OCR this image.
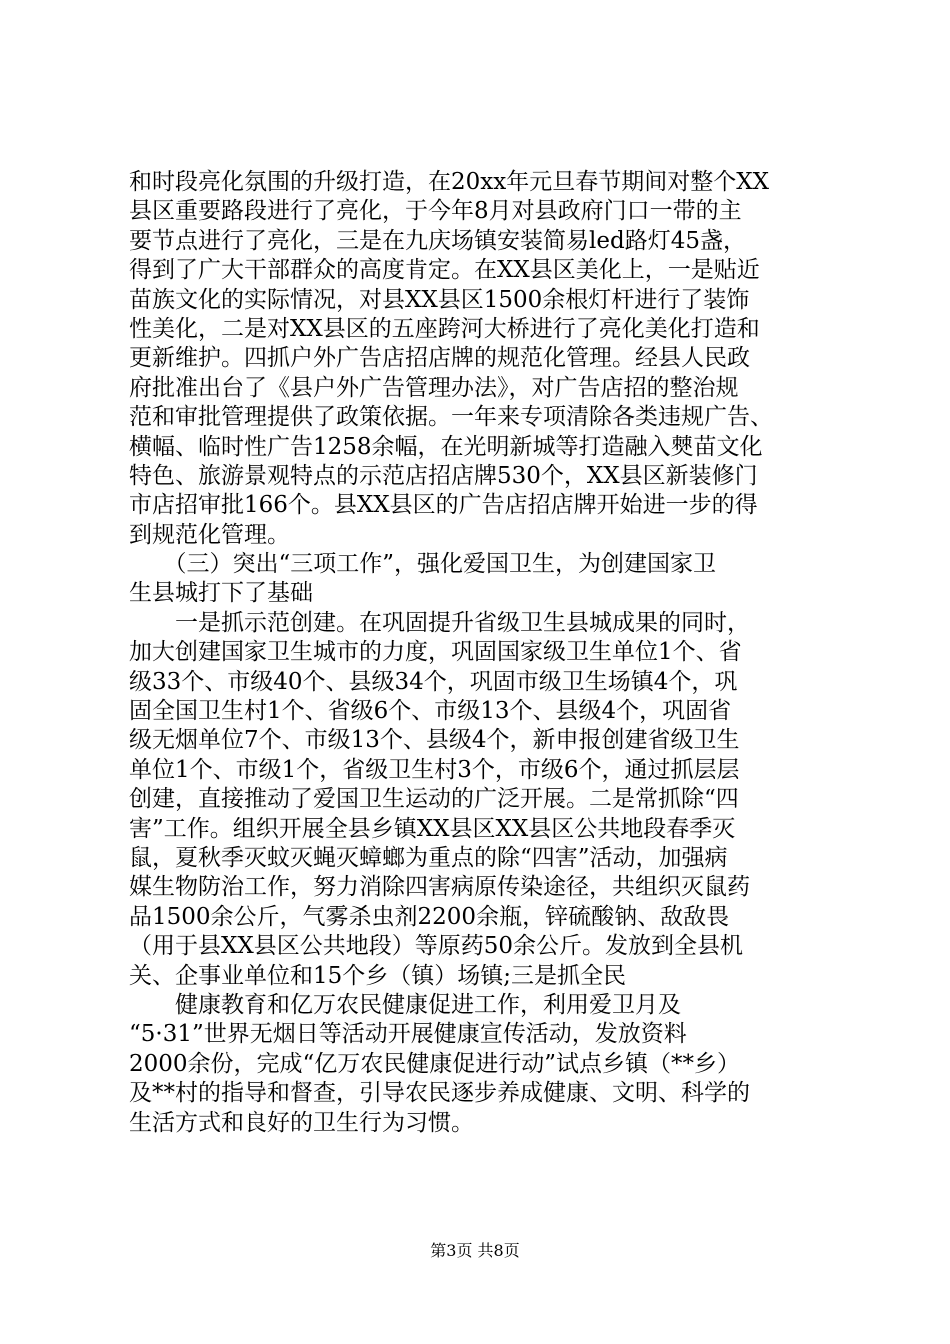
和时段亮化氛围的升级打造，在20xx年元旦春节期间对整个XX
县区重要路段进行了亮化，于今年8月对县政府门口一带的主
要节点进行了亮化，三是在九庆场镇安装简易led路灯45盏，
得到了广大干部群众的高度肯定。在XX县区美化上，一是贴近
苗族文化的实际情况，对县XX县区1500余根灯杆进行了装饰
性美化，二是对XX县区的五座跨河大桥进行了亮化美化打造和
更新维护。四抓户外广告店招店牌的规范化管理。经县人民政
府批准出台了《县户外广告管理办法》，对广告店招的整治规
范和审批管理提供了政策依据。一年来专项清除各类违规广告、
横幅、临时性广告1258余幅，在光明新城等打造融入僰苗文化
特色、旅游景观特点的示范店招店牌530个，XX县区新装修门
市店招审批166个。县XX县区的广告店招店牌开始进一步的得
到规范化管理。
　　（三）突出“三项工作”，强化爱国卫生，为创建国家卫
生县城打下了基础
　　一是抓示范创建。在巩固提升省级卫生县城成果的同时，
加大创建国家卫生城市的力度，巩固国家级卫生单位1个、省
级33个、市级40个、县级34个，巩固市级卫生场镇4个，巩
固全国卫生村1个、省级6个、市级13个、县级4个，巩固省
级无烟单位7个、市级13个、县级4个，新申报创建省级卫生
单位1个、市级1个，省级卫生村3个，市级6个，通过抓层层
创建，直接推动了爱国卫生运动的广泛开展。二是常抓除“四
害”工作。组织开展全县乡镇XX县区XX县区公共地段春季灭
鼠，夏秋季灭蚊灭蝇灭蟑螂为重点的除“四害”活动，加强病
媒生物防治工作，努力消除四害病原传染途径，共组织灭鼠药
品1500余公斤，气雾杀虫剂2200余瓶，锌硫酸钠、敌敌畏
（用于县XX县区公共地段）等原药50余公斤。发放到全县机
关、企事业单位和15个乡（镇）场镇;三是抓全民
　　健康教育和亿万农民健康促进工作，利用爱卫月及
“5·31”世界无烟日等活动开展健康宣传活动，发放资料
2000余份，完成“亿万农民健康促进行动”试点乡镇（**乡）
及**村的指导和督查，引导农民逐步养成健康、文明、科学的
生活方式和良好的卫生行为习惯。
第3页 共8页
